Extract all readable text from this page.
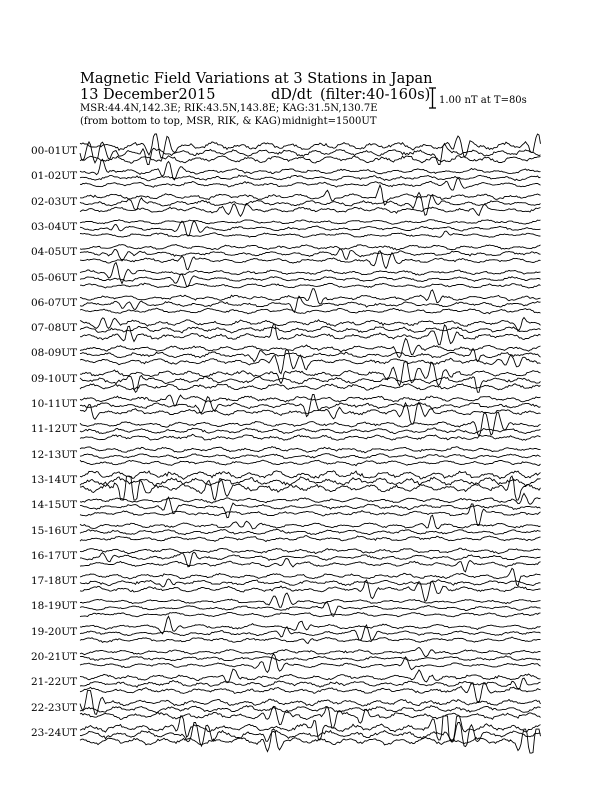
Magnetic Field Variations at 3 Stations in Japan
13 December2015	dD/dt (filter:40-160s)
MSR:44.4N,142.3E; RIK:43.5N,143.8E; KAG:31.5N,130.7E
(from bottom to top, MSR, RIK, & KAG) midnight=1500UT
1.00 nT at T=80s
00-01UT
01-02UT
02-03UT
03-04UT
04-05UT
05-06UT
06-07UT
07-08UT
08-09UT
09-10UT
10-11UT
11-12UT
12-13UT
13-14UT
14-15UT
15-16UT
16-17UT
17-18UT
18-19UT
19-20UT
20-21UT
21-22UT
22-23UT
23-24UT
